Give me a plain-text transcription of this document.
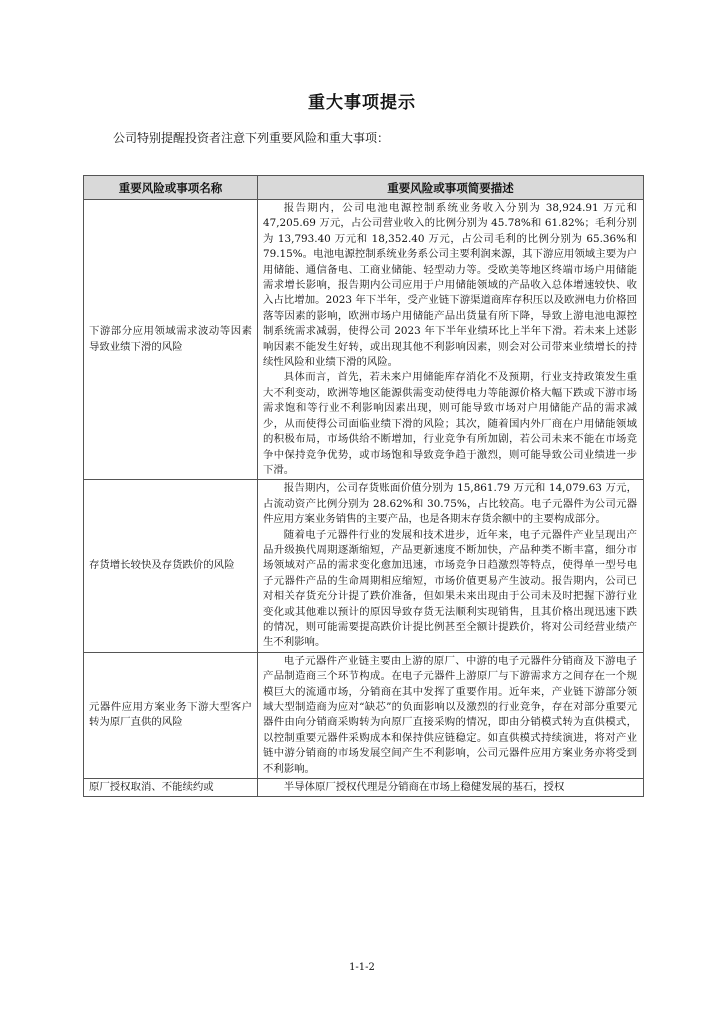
重大事项提示
公司特别提醒投资者注意下列重要风险和重大事项：
重要风险或事项名称	重要风险或事项简要描述
下游部分应用领域需求波动等因素导致业绩下滑的风险	报告期内，公司电池电源控制系统业务收入分别为 38,924.91 万元和 47,205.69 万元，占公司营业收入的比例分别为 45.78%和 61.82%；毛利分别为 13,793.40 万元和 18,352.40 万元，占公司毛利的比例分别为 65.36%和 79.15%。电池电源控制系统业务系公司主要利润来源，其下游应用领域主要为户用储能、通信备电、工商业储能、轻型动力等。受欧美等地区终端市场户用储能需求增长影响，报告期内公司应用于户用储能领域的产品收入总体增速较快、收入占比增加。2023 年下半年，受产业链下游渠道商库存积压以及欧洲电力价格回落等因素的影响，欧洲市场户用储能产品出货量有所下降，导致上游电池电源控制系统需求减弱，使得公司 2023 年下半年业绩环比上半年下滑。若未来上述影响因素不能发生好转，或出现其他不利影响因素，则会对公司带来业绩增长的持续性风险和业绩下滑的风险。

具体而言，首先，若未来户用储能库存消化不及预期，行业支持政策发生重大不利变动，欧洲等地区能源供需变动使得电力等能源价格大幅下跌或下游市场需求饱和等行业不利影响因素出现，则可能导致市场对户用储能产品的需求减少，从而使得公司面临业绩下滑的风险；其次，随着国内外厂商在户用储能领域的积极布局，市场供给不断增加，行业竞争有所加剧，若公司未来不能在市场竞争中保持竞争优势，或市场饱和导致竞争趋于激烈，则可能导致公司业绩进一步下滑。

存货增长较快及存货跌价的风险	报告期内，公司存货账面价值分别为 15,861.79 万元和 14,079.63 万元，占流动资产比例分别为 28.62%和 30.75%，占比较高。电子元器件为公司元器件应用方案业务销售的主要产品，也是各期末存货余额中的主要构成部分。

随着电子元器件行业的发展和技术进步，近年来，电子元器件产业呈现出产品升级换代周期逐渐缩短，产品更新速度不断加快，产品种类不断丰富，细分市场领域对产品的需求变化愈加迅速，市场竞争日趋激烈等特点，使得单一型号电子元器件产品的生命周期相应缩短，市场价值更易产生波动。报告期内，公司已对相关存货充分计提了跌价准备，但如果未来出现由于公司未及时把握下游行业变化或其他难以预计的原因导致存货无法顺利实现销售，且其价格出现迅速下跌的情况，则可能需要提高跌价计提比例甚至全额计提跌价，将对公司经营业绩产生不利影响。

元器件应用方案业务下游大型客户转为原厂直供的风险	电子元器件产业链主要由上游的原厂、中游的电子元器件分销商及下游电子产品制造商三个环节构成。在电子元器件上游原厂与下游需求方之间存在一个规模巨大的流通市场，分销商在其中发挥了重要作用。近年来，产业链下游部分领域大型制造商为应对“缺芯”的负面影响以及激烈的行业竞争，存在对部分重要元器件由向分销商采购转为向原厂直接采购的情况，即由分销模式转为直供模式，以控制重要元器件采购成本和保持供应链稳定。如直供模式持续演进，将对产业链中游分销商的市场发展空间产生不利影响，公司元器件应用方案业务亦将受到不利影响。

原厂授权取消、不能续约或	半导体原厂授权代理是分销商在市场上稳健发展的基石，授权

1-1-2
